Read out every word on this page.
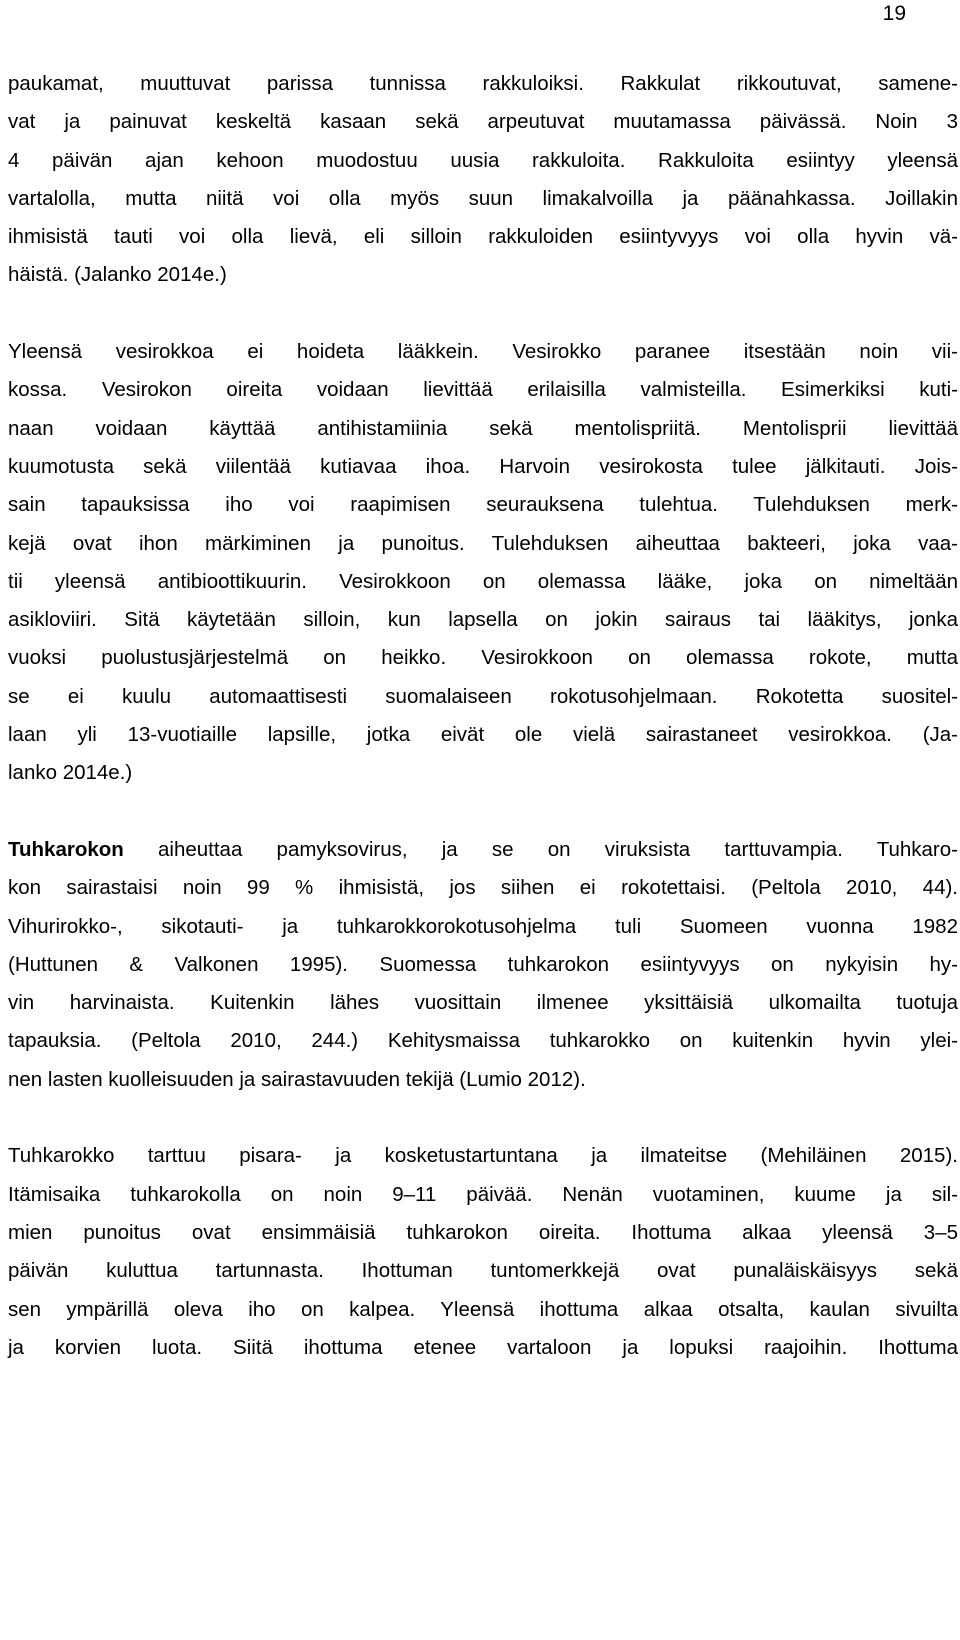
19
paukamat, muuttuvat parissa tunnissa rakkuloiksi. Rakkulat rikkoutuvat, samene-
vat ja painuvat keskeltä kasaan sekä arpeutuvat muutamassa päivässä. Noin 3
4 päivän ajan kehoon muodostuu uusia rakkuloita. Rakkuloita esiintyy yleensä
vartalolla, mutta niitä voi olla myös suun limakalvoilla ja päänahkassa. Joillakin
ihmisistä tauti voi olla lievä, eli silloin rakkuloiden esiintyvyys voi olla hyvin vä-
häistä. (Jalanko 2014e.)
Yleensä vesirokkoa ei hoideta lääkkein. Vesirokko paranee itsestään noin vii-
kossa. Vesirokon oireita voidaan lievittää erilaisilla valmisteilla. Esimerkiksi kuti-
naan voidaan käyttää antihistamiinia sekä mentolispriitä. Mentolisprii lievittää
kuumotusta sekä viilentää kutiavaa ihoa. Harvoin vesirokosta tulee jälkitauti. Jois-
sain tapauksissa iho voi raapimisen seurauksena tulehtua. Tulehduksen merk-
kejä ovat ihon märkiminen ja punoitus. Tulehduksen aiheuttaa bakteeri, joka vaa-
tii yleensä antibioottikuurin. Vesirokkoon on olemassa lääke, joka on nimeltään
asikloviiri. Sitä käytetään silloin, kun lapsella on jokin sairaus tai lääkitys, jonka
vuoksi puolustusjärjestelmä on heikko. Vesirokkoon on olemassa rokote, mutta
se ei kuulu automaattisesti suomalaiseen rokotusohjelmaan. Rokotetta suositel-
laan yli 13-vuotiaille lapsille, jotka eivät ole vielä sairastaneet vesirokkoa. (Ja-
lanko 2014e.)
Tuhkarokon aiheuttaa pamyksovirus, ja se on viruksista tarttuvampia. Tuhkaro-
kon sairastaisi noin 99 % ihmisistä, jos siihen ei rokotettaisi. (Peltola 2010, 44).
Vihurirokko-, sikotauti- ja tuhkarokkorokotusohjelma tuli Suomeen vuonna 1982
(Huttunen & Valkonen 1995). Suomessa tuhkarokon esiintyvyys on nykyisin hy-
vin harvinaista. Kuitenkin lähes vuosittain ilmenee yksittäisiä ulkomailta tuotuja
tapauksia. (Peltola 2010, 244.) Kehitysmaissa tuhkarokko on kuitenkin hyvin ylei-
nen lasten kuolleisuuden ja sairastavuuden tekijä (Lumio 2012).
Tuhkarokko tarttuu pisara- ja kosketustartuntana ja ilmateitse (Mehiläinen 2015).
Itämisaika tuhkarokolla on noin 9–11 päivää. Nenän vuotaminen, kuume ja sil-
mien punoitus ovat ensimmäisiä tuhkarokon oireita. Ihottuma alkaa yleensä 3–5
päivän kuluttua tartunnasta. Ihottuman tuntomerkkejä ovat punaläiskäisyys sekä
sen ympärillä oleva iho on kalpea. Yleensä ihottuma alkaa otsalta, kaulan sivuilta
ja korvien luota. Siitä ihottuma etenee vartaloon ja lopuksi raajoihin. Ihottuma
